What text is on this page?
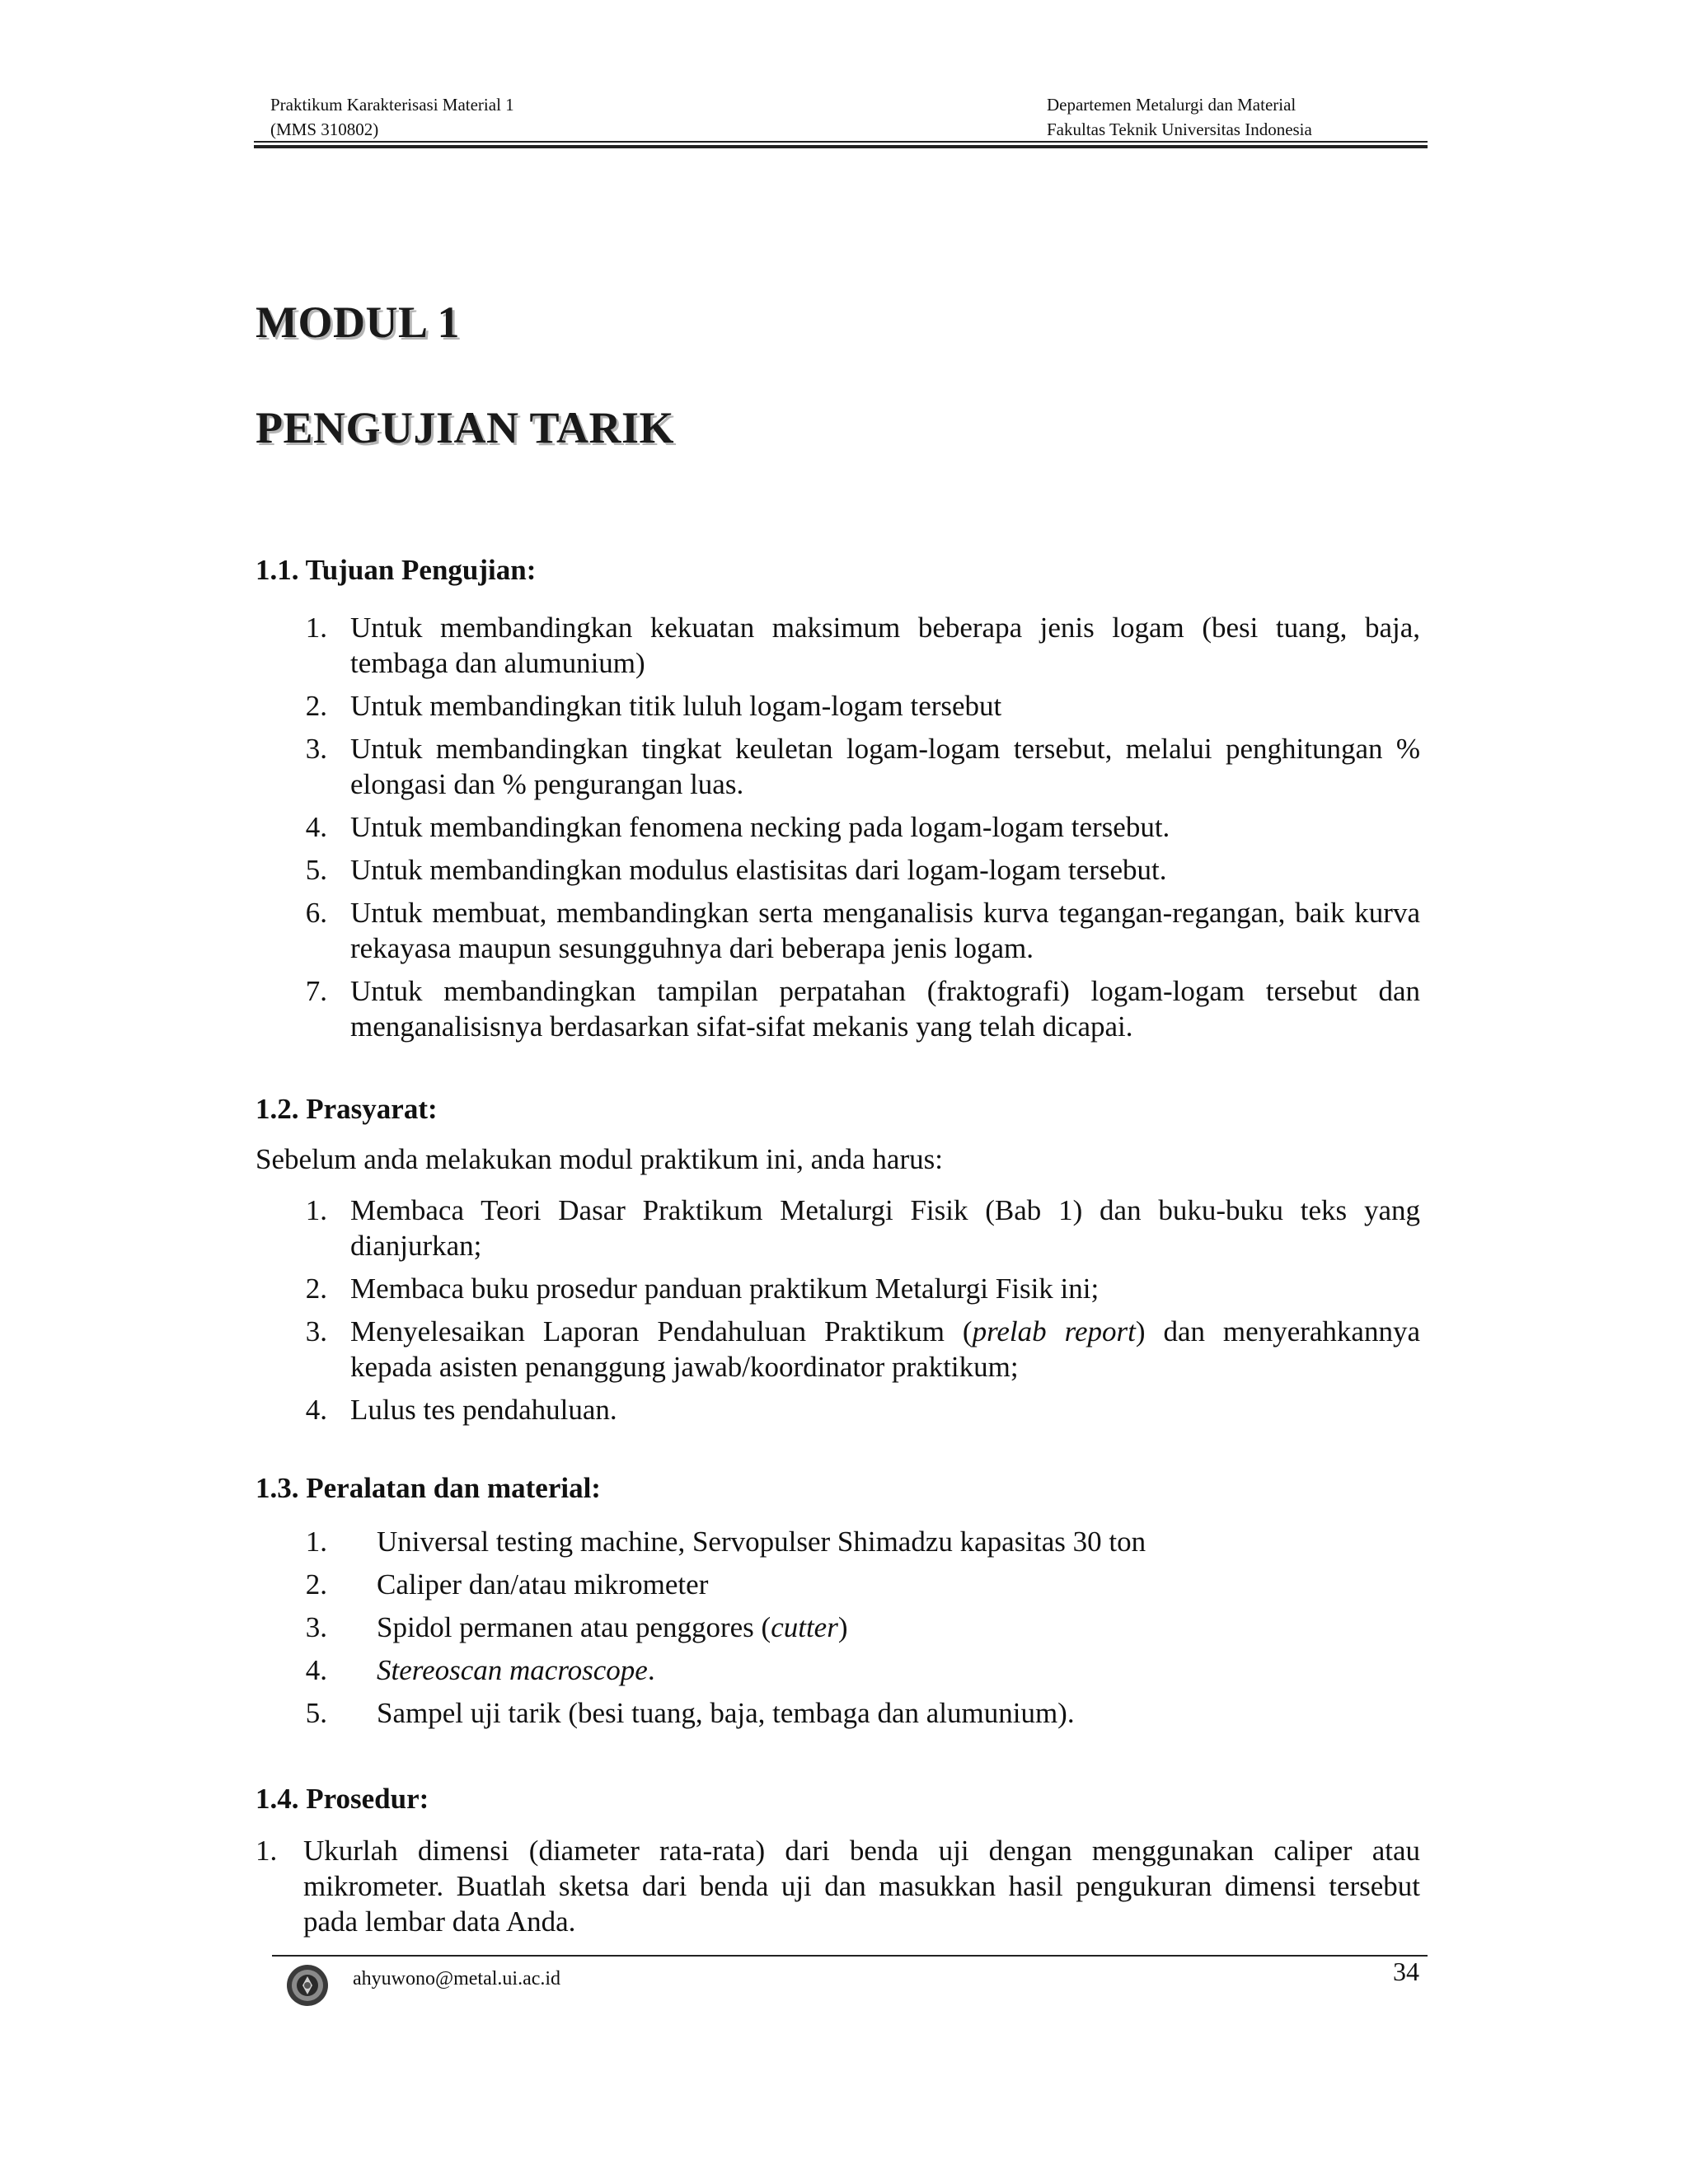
Praktikum Karakterisasi Material 1
(MMS 310802)
Departemen Metalurgi dan Material
Fakultas Teknik Universitas Indonesia
MODUL 1
PENGUJIAN TARIK
1.1. Tujuan Pengujian:
1. Untuk membandingkan kekuatan maksimum beberapa jenis logam (besi tuang, baja, tembaga dan alumunium)
2. Untuk membandingkan titik luluh logam-logam tersebut
3. Untuk membandingkan tingkat keuletan logam-logam tersebut, melalui penghitungan % elongasi dan % pengurangan luas.
4. Untuk membandingkan fenomena necking pada logam-logam tersebut.
5. Untuk membandingkan modulus elastisitas dari logam-logam tersebut.
6. Untuk membuat, membandingkan serta menganalisis kurva tegangan-regangan, baik kurva rekayasa maupun sesungguhnya dari beberapa jenis logam.
7. Untuk membandingkan tampilan perpatahan (fraktografi) logam-logam tersebut dan menganalisisnya berdasarkan sifat-sifat mekanis yang telah dicapai.
1.2. Prasyarat:

Sebelum anda melakukan modul praktikum ini, anda harus:

1. Membaca Teori Dasar Praktikum Metalurgi Fisik (Bab 1) dan buku-buku teks yang dianjurkan;
2. Membaca buku prosedur panduan praktikum Metalurgi Fisik ini;
3. Menyelesaikan Laporan Pendahuluan Praktikum (prelab report) dan menyerahkannya kepada asisten penanggung jawab/koordinator praktikum;
4. Lulus tes pendahuluan.
1.3. Peralatan dan material:
1. Universal testing machine, Servopulser Shimadzu kapasitas 30 ton
2. Caliper dan/atau mikrometer
3. Spidol permanen atau penggores (cutter)
4. Stereoscan macroscope.
5. Sampel uji tarik (besi tuang, baja, tembaga dan alumunium).
1.4. Prosedur:
1. Ukurlah dimensi (diameter rata-rata) dari benda uji dengan menggunakan caliper atau mikrometer. Buatlah sketsa dari benda uji dan masukkan hasil pengukuran dimensi tersebut pada lembar data Anda.
ahyuwono@metal.ui.ac.id	34
